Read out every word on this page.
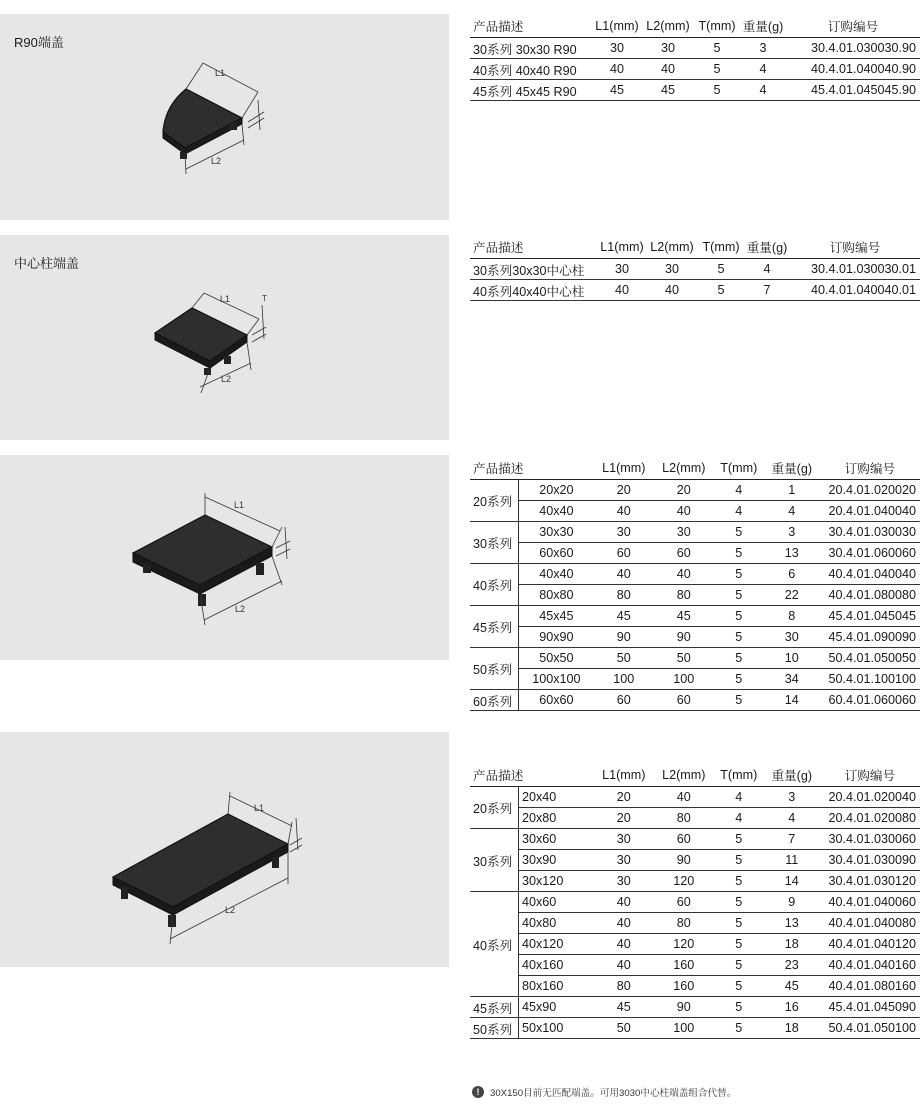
R90端盖
L1
L2
产品描述	L1(mm)	L2(mm)	T(mm)	重量(g)	订购编号
30系列 30x30 R90	30	30	5	3	30.4.01.030030.90
40系列 40x40 R90	40	40	5	4	40.4.01.040040.90
45系列 45x45 R90	45	45	5	4	45.4.01.045045.90
中心柱端盖
L1
L2
T
产品描述	L1(mm)	L2(mm)	T(mm)	重量(g)	订购编号
30系列30x30中心柱	30	30	5	4	30.4.01.030030.01
40系列40x40中心柱	40	40	5	7	40.4.01.040040.01
L1
L2
产品描述		L1(mm)	L2(mm)	T(mm)	重量(g)	订购编号
20系列	20x20	20	20	4	1	20.4.01.020020
	40x40	40	40	4	4	20.4.01.040040
30系列	30x30	30	30	5	3	30.4.01.030030
	60x60	60	60	5	13	30.4.01.060060
40系列	40x40	40	40	5	6	40.4.01.040040
	80x80	80	80	5	22	40.4.01.080080
45系列	45x45	45	45	5	8	45.4.01.045045
	90x90	90	90	5	30	45.4.01.090090
50系列	50x50	50	50	5	10	50.4.01.050050
	100x100	100	100	5	34	50.4.01.100100
60系列	60x60	60	60	5	14	60.4.01.060060
L1
L2
产品描述		L1(mm)	L2(mm)	T(mm)	重量(g)	订购编号
20系列	20x40	20	40	4	3	20.4.01.020040
	20x80	20	80	4	4	20.4.01.020080
30系列	30x60	30	60	5	7	30.4.01.030060
	30x90	30	90	5	11	30.4.01.030090
	30x120	30	120	5	14	30.4.01.030120
40系列	40x60	40	60	5	9	40.4.01.040060
	40x80	40	80	5	13	40.4.01.040080
	40x120	40	120	5	18	40.4.01.040120
	40x160	40	160	5	23	40.4.01.040160
	80x160	80	160	5	45	40.4.01.080160
45系列	45x90	45	90	5	16	45.4.01.045090
50系列	50x100	50	100	5	18	50.4.01.050100
!	30X150目前无匹配端盖。可用3030中心柱端盖组合代替。
